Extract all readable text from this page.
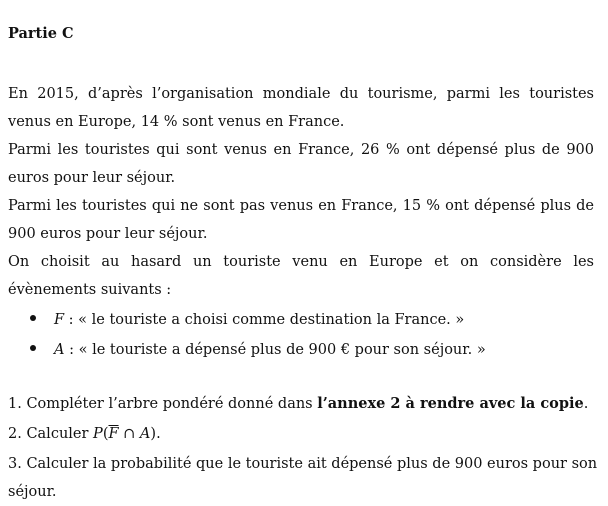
Partie C
En 2015, d’après l’organisation mondiale du tourisme, parmi les touristes venus en Europe, 14 % sont venus en France.
Parmi les touristes qui sont venus en France, 26 % ont dépensé plus de 900 euros pour leur séjour.
Parmi les touristes qui ne sont pas venus en France, 15 % ont dépensé plus de 900 euros pour leur séjour.
On choisit au hasard un touriste venu en Europe et on considère les évènements suivants :
F : « le touriste a choisi comme destination la France. »
A : « le touriste a dépensé plus de 900 € pour son séjour. »
1. Compléter l’arbre pondéré donné dans l’annexe 2 à rendre avec la copie.
2. Calculer $P(\overline{F}$ ∩ A).
3. Calculer la probabilité que le touriste ait dépensé plus de 900 euros pour son séjour.
